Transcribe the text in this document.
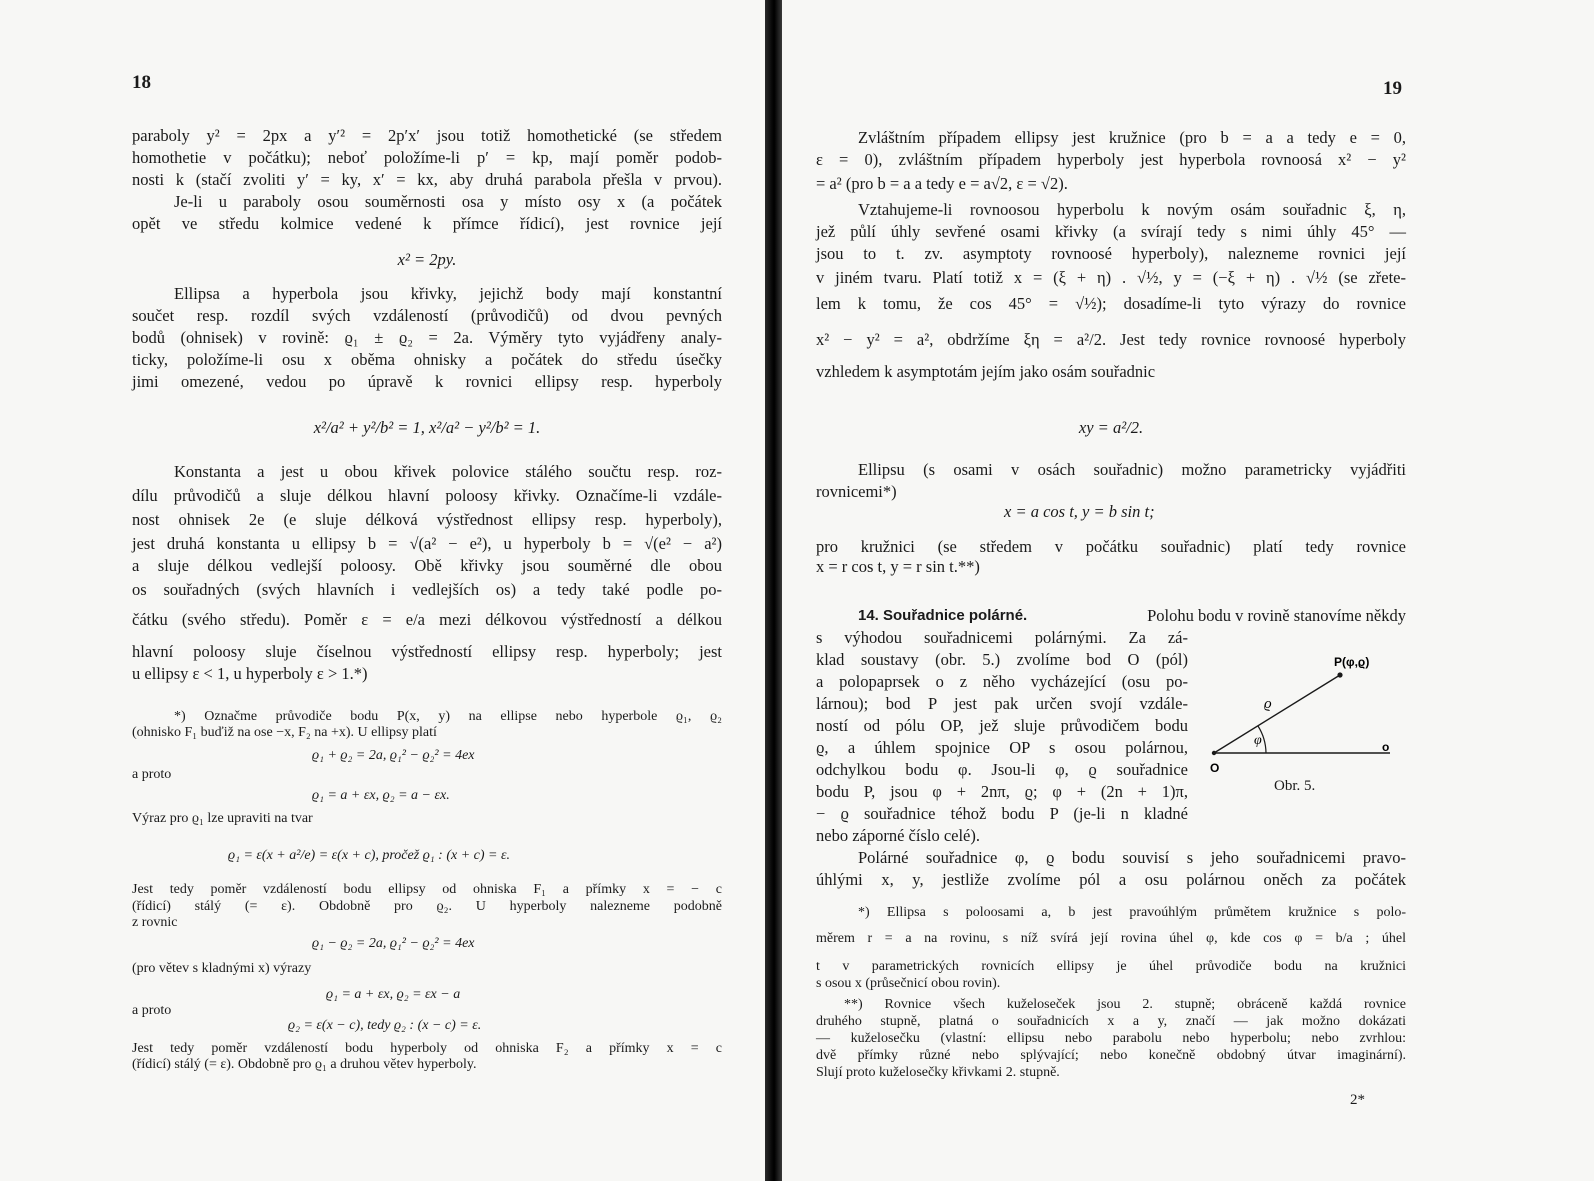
18
paraboly y² = 2px a y′² = 2p′x′ jsou totiž homothetické (se středem
homothetie v počátku); neboť položíme-li p′ = kp, mají poměr podob-
nosti k (stačí zvoliti y′ = ky, x′ = kx, aby druhá parabola přešla v prvou).
Je-li u paraboly osou souměrnosti osa y místo osy x (a počátek
opět ve středu kolmice vedené k přímce řídicí), jest rovnice její
x² = 2py.
Ellipsa a hyperbola jsou křivky, jejichž body mají konstantní
součet resp. rozdíl svých vzdáleností (průvodičů) od dvou pevných
bodů (ohnisek) v rovině: ϱ₁ ± ϱ₂ = 2a. Výměry tyto vyjádřeny analy-
ticky, položíme-li osu x oběma ohnisky a počátek do středu úsečky
jimi omezené, vedou po úpravě k rovnici ellipsy resp. hyperboly
x²/a² + y²/b² = 1, x²/a² − y²/b² = 1.
Konstanta a jest u obou křivek polovice stálého součtu resp. roz-
dílu průvodičů a sluje délkou hlavní poloosy křivky. Označíme-li vzdále-
nost ohnisek 2e (e sluje délková výstřednost ellipsy resp. hyperboly),
jest druhá konstanta u ellipsy b = √(a² − e²), u hyperboly b = √(e² − a²)
a sluje délkou vedlejší poloosy. Obě křivky jsou souměrné dle obou
os souřadných (svých hlavních i vedlejších os) a tedy také podle po-
čátku (svého středu). Poměr ε = e/a mezi délkovou výstředností a délkou
hlavní poloosy sluje číselnou výstředností ellipsy resp. hyperboly; jest
u ellipsy ε < 1, u hyperboly ε > 1.*)
*) Označme průvodiče bodu P(x, y) na ellipse nebo hyperbole ϱ₁, ϱ₂
(ohnisko F₁ buďiž na ose −x, F₂ na +x). U ellipsy platí
ϱ₁ + ϱ₂ = 2a, ϱ₁² − ϱ₂² = 4ex
a proto
ϱ₁ = a + εx, ϱ₂ = a − εx.
Výraz pro ϱ₁ lze upraviti na tvar
ϱ₁ = ε(x + a²/e) = ε(x + c), pročež ϱ₁ : (x + c) = ε.
Jest tedy poměr vzdáleností bodu ellipsy od ohniska F₁ a přímky x = − c
(řídicí) stálý (= ε). Obdobně pro ϱ₂. U hyperboly nalezneme podobně
z rovnic
ϱ₁ − ϱ₂ = 2a, ϱ₁² − ϱ₂² = 4ex
(pro větev s kladnými x) výrazy
ϱ₁ = a + εx, ϱ₂ = εx − a
a proto
ϱ₂ = ε(x − c), tedy ϱ₂ : (x − c) = ε.
Jest tedy poměr vzdáleností bodu hyperboly od ohniska F₂ a přímky x = c
(řídicí) stálý (= ε). Obdobně pro ϱ₁ a druhou větev hyperboly.
19
Zvláštním případem ellipsy jest kružnice (pro b = a a tedy e = 0,
ε = 0), zvláštním případem hyperboly jest hyperbola rovnoosá x² − y²
= a² (pro b = a a tedy e = a√2, ε = √2).
Vztahujeme-li rovnoosou hyperbolu k novým osám souřadnic ξ, η,
jež půlí úhly sevřené osami křivky (a svírají tedy s nimi úhly 45° —
jsou to t. zv. asymptoty rovnoosé hyperboly), nalezneme rovnici její
v jiném tvaru. Platí totiž x = (ξ + η) . √½, y = (−ξ + η) . √½ (se zřete-
lem k tomu, že cos 45° = √½); dosadíme-li tyto výrazy do rovnice
x² − y² = a², obdržíme ξη = a²/2. Jest tedy rovnice rovnoosé hyperboly
vzhledem k asymptotám jejím jako osám souřadnic
xy = a²/2.
Ellipsu (s osami v osách souřadnic) možno parametricky vyjádřiti
rovnicemi*)
x = a cos t, y = b sin t;
pro kružnici (se středem v počátku souřadnic) platí tedy rovnice
x = r cos t, y = r sin t.**)
14. Souřadnice polárné.	Polohu bodu v rovině stanovíme někdy
s výhodou souřadnicemi polárnými. Za zá-
klad soustavy (obr. 5.) zvolíme bod O (pól)
a polopaprsek o z něho vycházející (osu po-
lárnou); bod P jest pak určen svojí vzdále-
ností od pólu OP, jež sluje průvodičem bodu
ϱ, a úhlem spojnice OP s osou polárnou,
odchylkou bodu φ. Jsou-li φ, ϱ souřadnice
bodu P, jsou φ + 2nπ, ϱ; φ + (2n + 1)π,
− ϱ souřadnice téhož bodu P (je-li n kladné
nebo záporné číslo celé).
Polárné souřadnice φ, ϱ bodu souvisí s jeho souřadnicemi pravo-
úhlými x, y, jestliže zvolíme pól a osu polárnou oněch za počátek
P(φ,ϱ)
ϱ
φ
O
o
Obr. 5.
*) Ellipsa s poloosami a, b jest pravoúhlým průmětem kružnice s polo-
měrem r = a na rovinu, s níž svírá její rovina úhel φ, kde cos φ = b/a ; úhel
t v parametrických rovnicích ellipsy je úhel průvodiče bodu na kružnici
s osou x (průsečnicí obou rovin).
**) Rovnice všech kuželoseček jsou 2. stupně; obráceně každá rovnice
druhého stupně, platná o souřadnicích x a y, značí — jak možno dokázati
— kuželosečku (vlastní: ellipsu nebo parabolu nebo hyperbolu; nebo zvrhlou:
dvě přímky různé nebo splývající; nebo konečně obdobný útvar imaginární).
Slují proto kuželosečky křivkami 2. stupně.
2*
